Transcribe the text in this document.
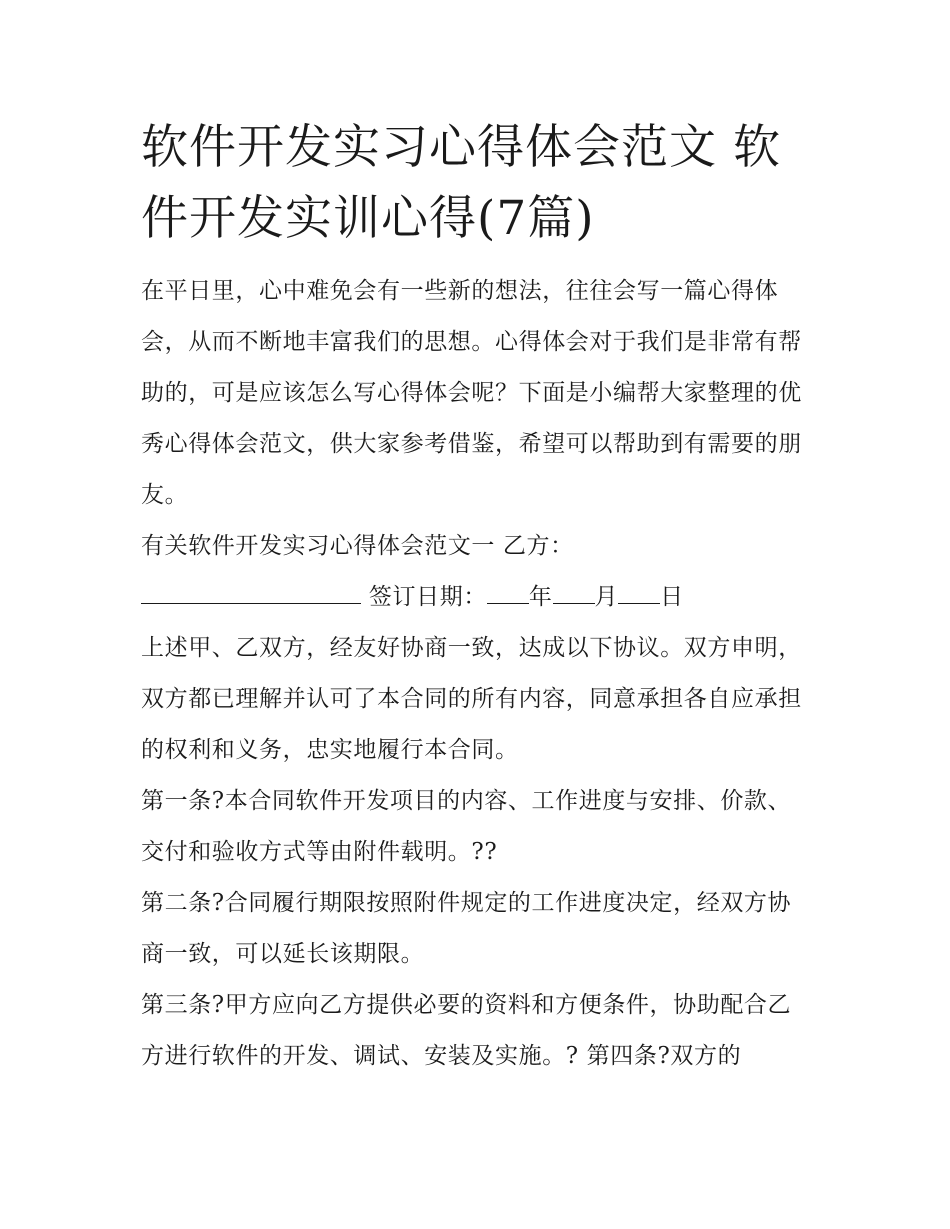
软件开发实习心得体会范文 软件开发实训心得(7篇)

在平日里，心中难免会有一些新的想法，往往会写一篇心得体会，从而不断地丰富我们的思想。心得体会对于我们是非常有帮助的，可是应该怎么写心得体会呢？下面是小编帮大家整理的优秀心得体会范文，供大家参考借鉴，希望可以帮助到有需要的朋友。

有关软件开发实习心得体会范文一 乙方：

签订日期： 年 月 日

上述甲、乙双方，经友好协商一致，达成以下协议。双方申明，双方都已理解并认可了本合同的所有内容，同意承担各自应承担的权利和义务，忠实地履行本合同。

第一条?本合同软件开发项目的内容、工作进度与安排、价款、交付和验收方式等由附件载明。??

第二条?合同履行期限按照附件规定的工作进度决定，经双方协商一致，可以延长该期限。

第三条?甲方应向乙方提供必要的资料和方便条件，协助配合乙方进行软件的开发、调试、安装及实施。? 第四条?双方的
